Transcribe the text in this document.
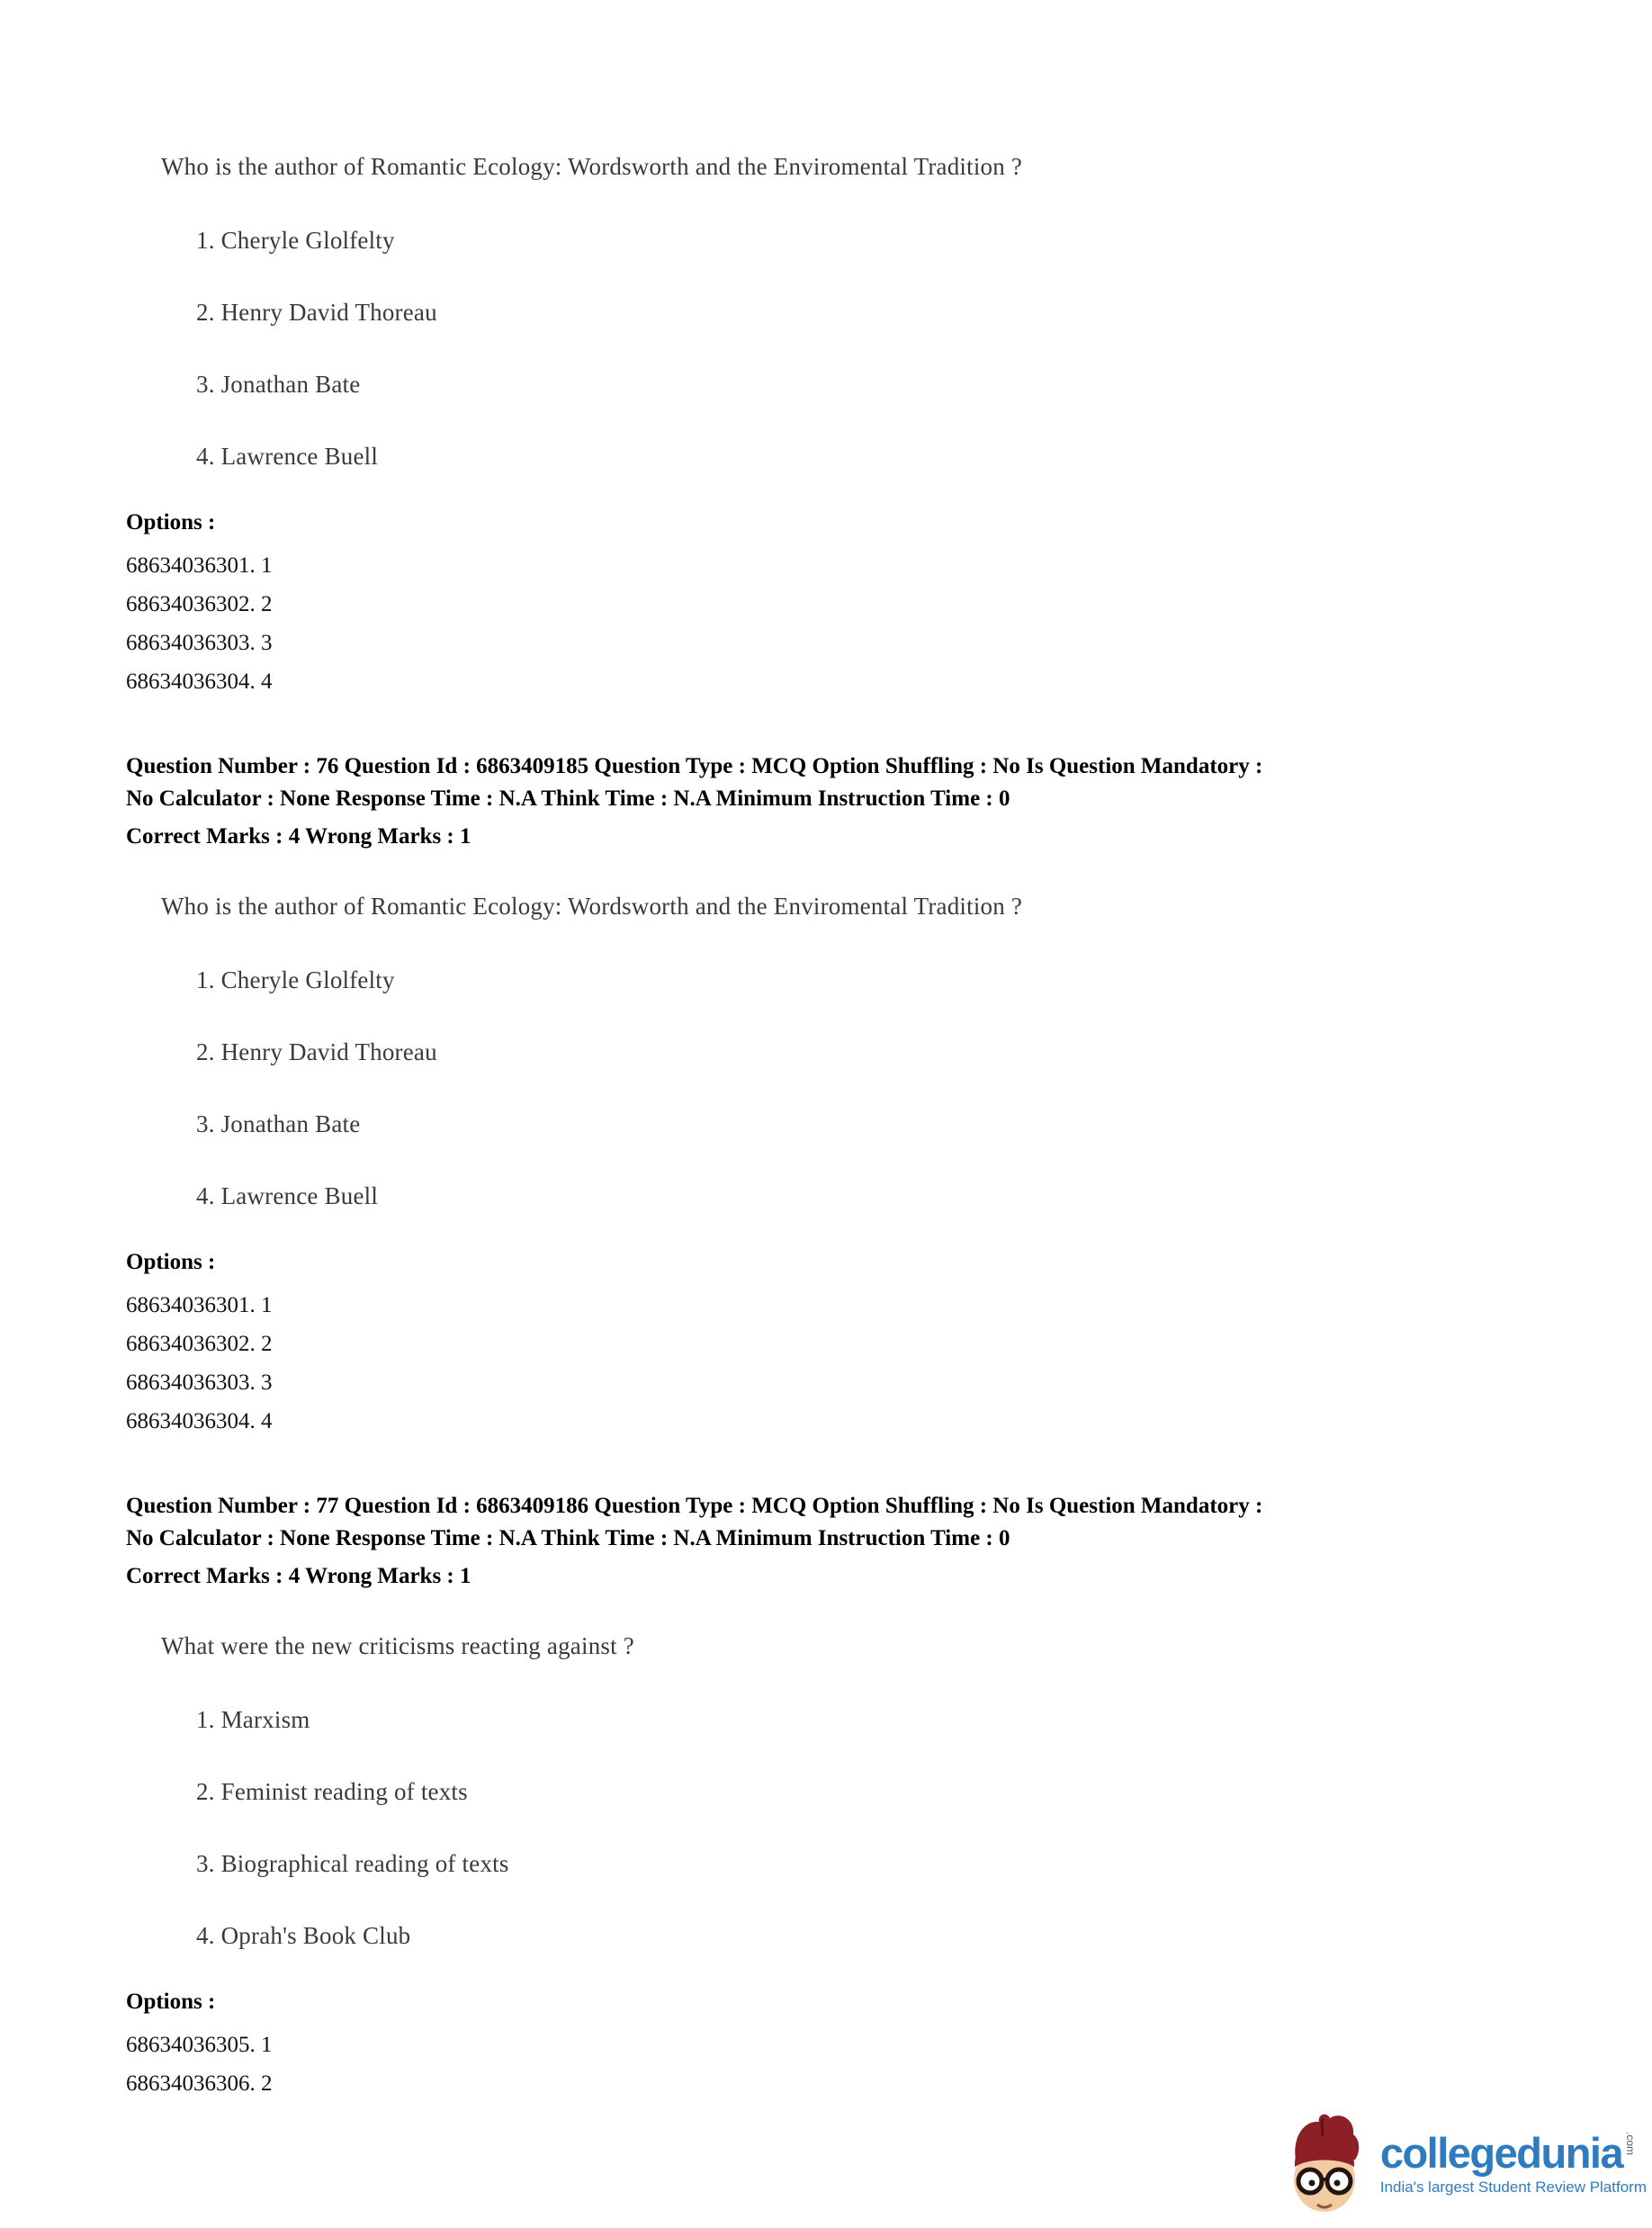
Who is the author of Romantic Ecology: Wordsworth and the Enviromental Tradition ?

1. Cheryle Glolfelty

2. Henry David Thoreau

3. Jonathan Bate

4. Lawrence Buell

Options :

68634036301. 1
68634036302. 2
68634036303. 3
68634036304. 4
Question Number : 76 Question Id : 6863409185 Question Type : MCQ Option Shuffling : No Is Question Mandatory :
No Calculator : None Response Time : N.A Think Time : N.A Minimum Instruction Time : 0
Correct Marks : 4 Wrong Marks : 1

Who is the author of Romantic Ecology: Wordsworth and the Enviromental Tradition ?

1. Cheryle Glolfelty

2. Henry David Thoreau

3. Jonathan Bate

4. Lawrence Buell

Options :

68634036301. 1
68634036302. 2
68634036303. 3
68634036304. 4
Question Number : 77 Question Id : 6863409186 Question Type : MCQ Option Shuffling : No Is Question Mandatory :
No Calculator : None Response Time : N.A Think Time : N.A Minimum Instruction Time : 0
Correct Marks : 4 Wrong Marks : 1

What were the new criticisms reacting against ?

1. Marxism

2. Feminist reading of texts

3. Biographical reading of texts

4. Oprah's Book Club

Options :

68634036305. 1
68634036306. 2
collegedunia .com
India's largest Student Review Platform
